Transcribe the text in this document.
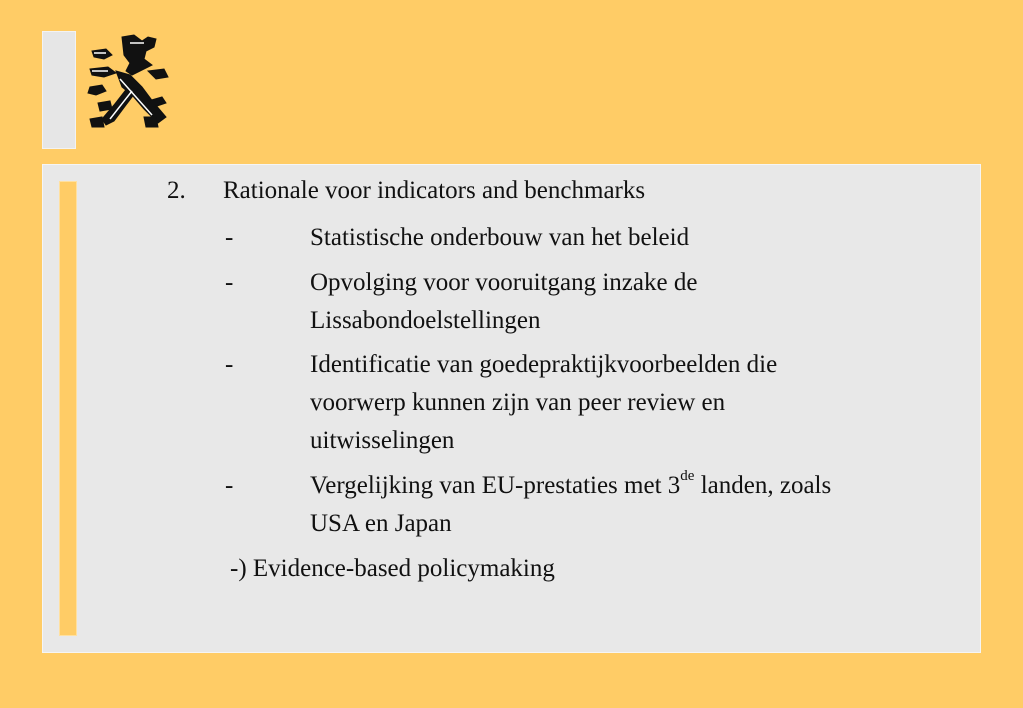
2. Rationale voor indicators and benchmarks
-	Statistische onderbouw van het beleid
-	Opvolging voor vooruitgang inzake de
Lissabondoelstellingen
-	Identificatie van goedepraktijkvoorbeelden die
voorwerp kunnen zijn van peer review en
uitwisselingen
-	Vergelijking van EU-prestaties met 3de landen, zoals
USA en Japan
-) Evidence-based policymaking
